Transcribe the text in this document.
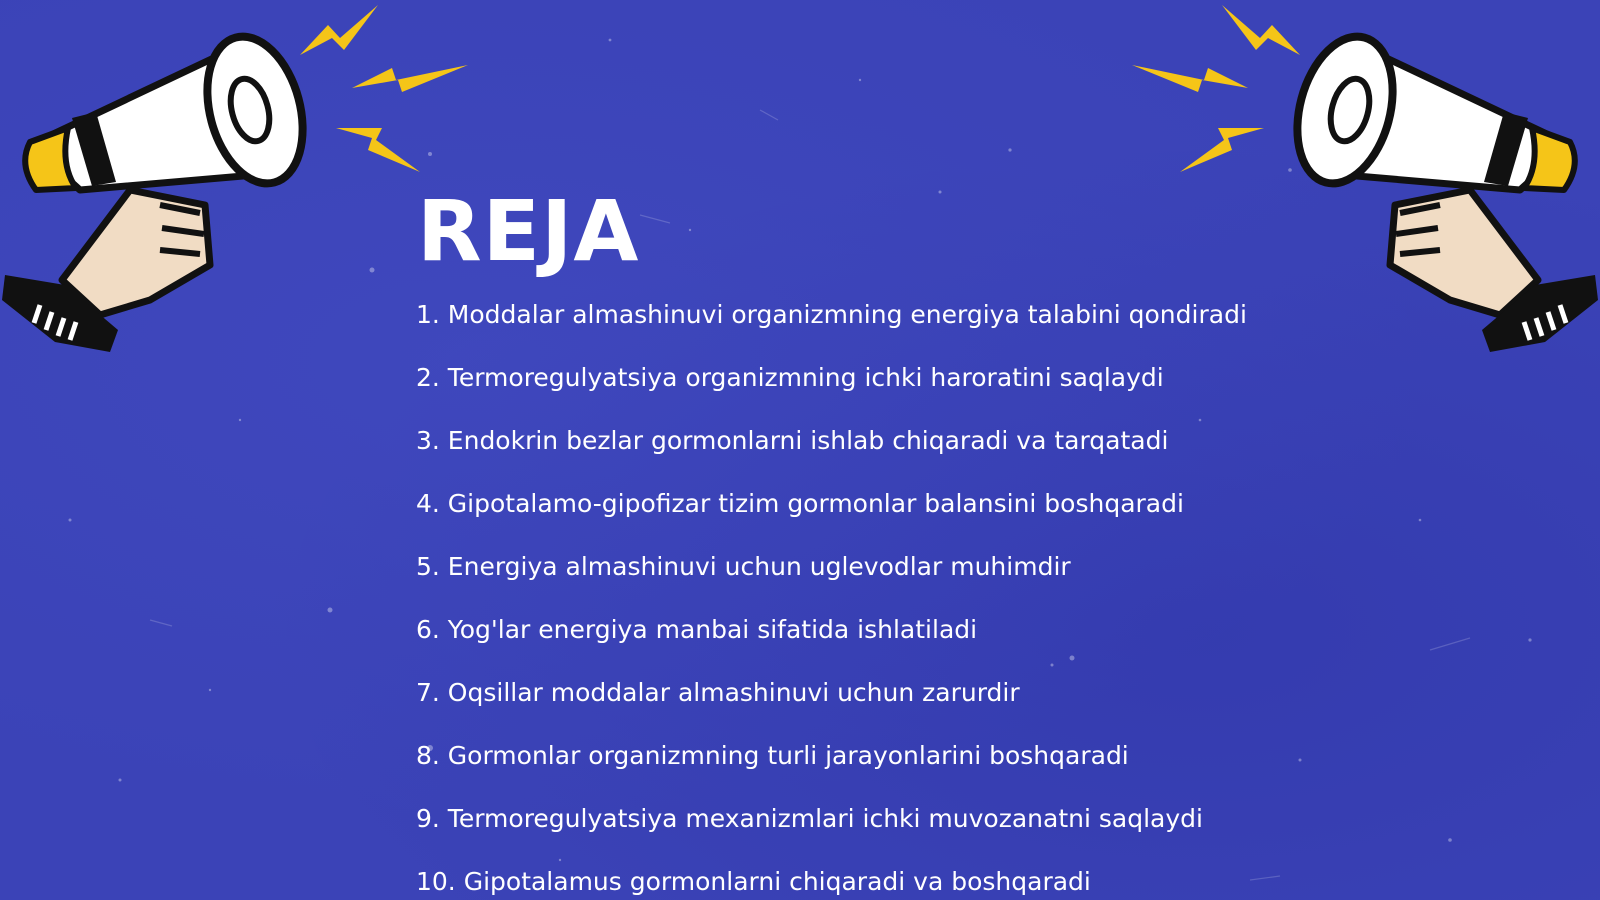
REJA
1. Moddalar almashinuvi organizmning energiya talabini qondiradi
2. Termoregulyatsiya organizmning ichki haroratini saqlaydi
3. Endokrin bezlar gormonlarni ishlab chiqaradi va tarqatadi
4. Gipotalamo-gipofizar tizim gormonlar balansini boshqaradi
5. Energiya almashinuvi uchun uglevodlar muhimdir
6. Yog'lar energiya manbai sifatida ishlatiladi
7. Oqsillar moddalar almashinuvi uchun zarurdir
8. Gormonlar organizmning turli jarayonlarini boshqaradi
9. Termoregulyatsiya mexanizmlari ichki muvozanatni saqlaydi
10. Gipotalamus gormonlarni chiqaradi va boshqaradi
